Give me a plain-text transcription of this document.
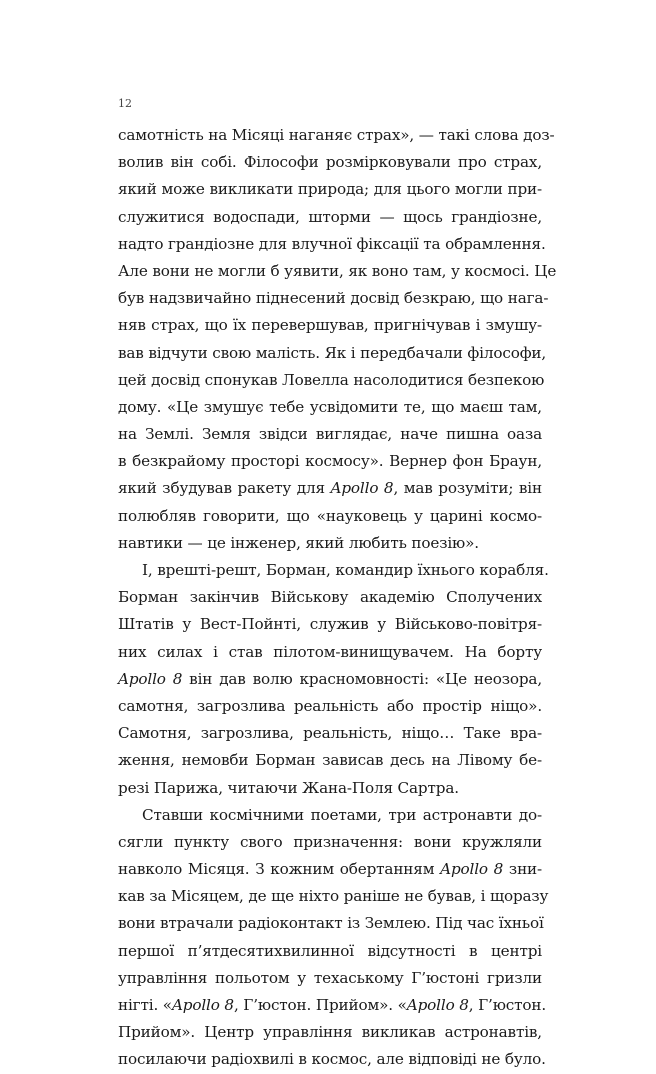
12

самотність на Місяці наганяє страх», — такі слова доз-
волив він собі. Філософи розмірковували про страх,
який може викликати природа; для цього могли при-
служитися водоспади, шторми — щось грандіозне,
надто грандіозне для влучної фіксації та обрамлення.
Але вони не могли б уявити, як воно там, у космосі. Це
був надзвичайно піднесений досвід безкраю, що нага-
няв страх, що їх перевершував, пригнічував і змушу-
вав відчути свою малість. Як і передбачали філософи,
цей досвід спонукав Ловелла насолодитися безпекою
дому. «Це змушує тебе усвідомити те, що маєш там,
на Землі. Земля звідси виглядає, наче пишна оаза
в безкрайому просторі космосу». Вернер фон Браун,
який збудував ракету для Apollo 8, мав розуміти; він
полюбляв говорити, що «науковець у царині космо-
навтики — це інженер, який любить поезію».

І, врешті-решт, Борман, командир їхнього корабля.
Борман закінчив Військову академію Сполучених
Штатів у Вест-Пойнті, служив у Військово-повітря-
них силах і став пілотом-винищувачем. На борту
Apollo 8 він дав волю красномовності: «Це неозора,
самотня, загрозлива реальність або простір ніщо».
Самотня, загрозлива, реальність, ніщо… Таке вра-
ження, немовби Борман зависав десь на Лівому бе-
резі Парижа, читаючи Жана-Поля Сартра.

Ставши космічними поетами, три астронавти до-
сягли пункту свого призначення: вони кружляли
навколо Місяця. З кожним обертанням Apollo 8 зни-
кав за Місяцем, де ще ніхто раніше не бував, і щоразу
вони втрачали радіоконтакт із Землею. Під час їхньої
першої п’ятдесятихвилинної відсутності в центрі
управління польотом у техаському Г’юстоні гризли
нігті. «Apollo 8, Г’юстон. Прийом». «Apollo 8, Г’юстон.
Прийом». Центр управління викликав астронавтів,
посилаючи радіохвилі в космос, але відповіді не було.
